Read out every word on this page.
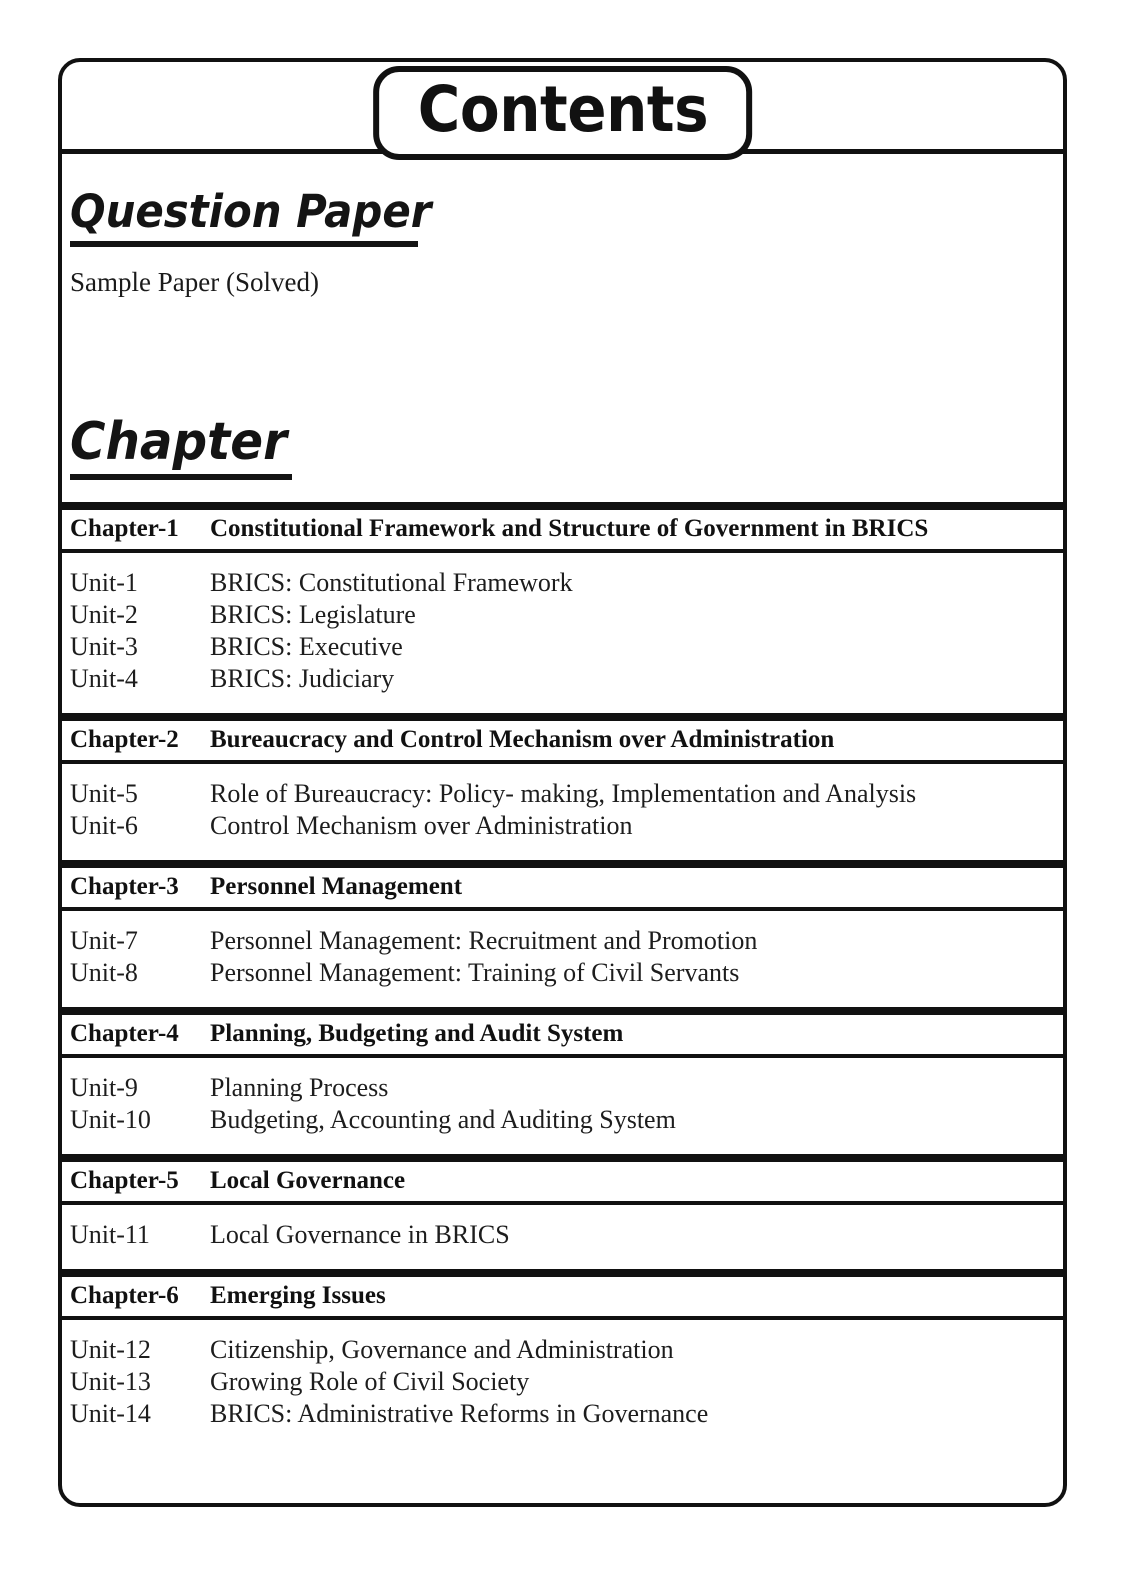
Contents
Question Paper
Sample Paper (Solved)
Chapter
Chapter-1	Constitutional Framework and Structure of Government in BRICS
Unit-1	BRICS: Constitutional Framework
Unit-2	BRICS: Legislature
Unit-3	BRICS: Executive
Unit-4	BRICS: Judiciary
Chapter-2	Bureaucracy and Control Mechanism over Administration
Unit-5	Role of Bureaucracy: Policy- making, Implementation and Analysis
Unit-6	Control Mechanism over Administration
Chapter-3	Personnel Management
Unit-7	Personnel Management: Recruitment and Promotion
Unit-8	Personnel Management: Training of Civil Servants
Chapter-4	Planning, Budgeting and Audit System
Unit-9	Planning Process
Unit-10	Budgeting, Accounting and Auditing System
Chapter-5	Local Governance
Unit-11	Local Governance in BRICS
Chapter-6	Emerging Issues
Unit-12	Citizenship, Governance and Administration
Unit-13	Growing Role of Civil Society
Unit-14	BRICS: Administrative Reforms in Governance
